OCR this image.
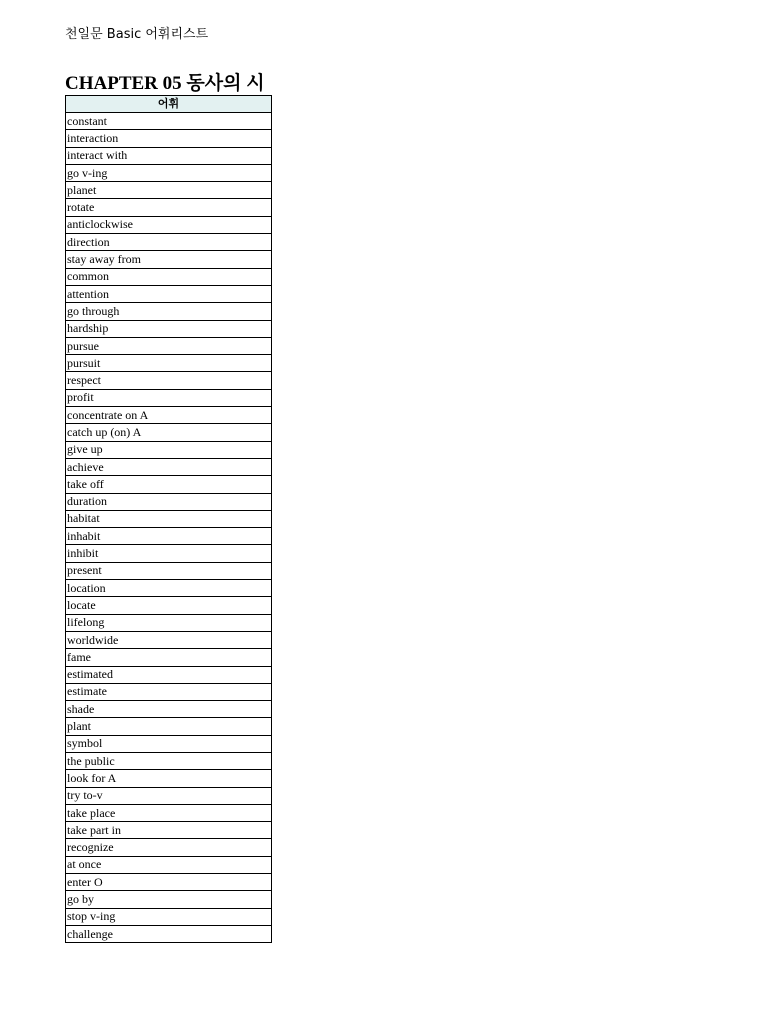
천일문 Basic 어휘리스트
CHAPTER 05 동사의 시
어휘
constant
interaction
interact with
go v-ing
planet
rotate
anticlockwise
direction
stay away from
common
attention
go through
hardship
pursue
pursuit
respect
profit
concentrate on A
catch up (on) A
give up
achieve
take off
duration
habitat
inhabit
inhibit
present
location
locate
lifelong
worldwide
fame
estimated
estimate
shade
plant
symbol
the public
look for A
try to-v
take place
take part in
recognize
at once
enter O
go by
stop v-ing
challenge
